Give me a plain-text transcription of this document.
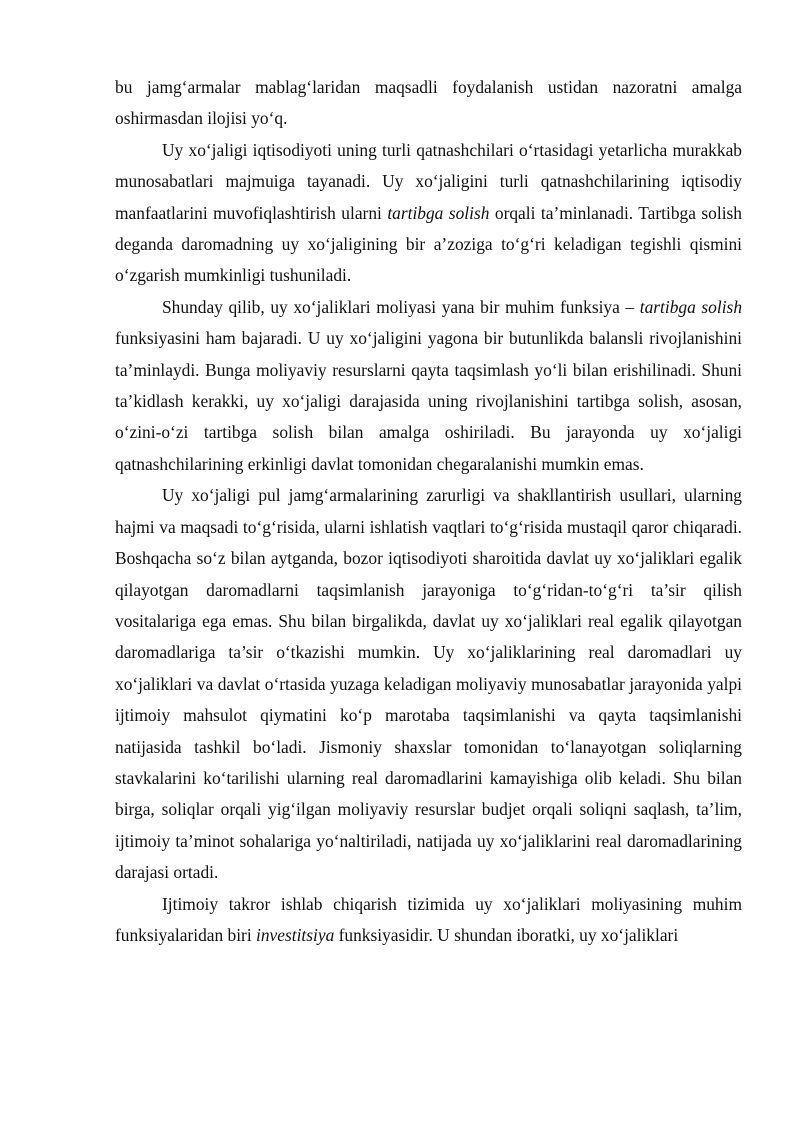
bu jamg‘armalar mablag‘laridan maqsadli foydalanish ustidan nazoratni amalga oshirmasdan ilojisi yo‘q.

Uy xo‘jaligi iqtisodiyoti uning turli qatnashchilari o‘rtasidagi yetarlicha murakkab munosabatlari majmuiga tayanadi. Uy xo‘jaligini turli qatnashchilarining iqtisodiy manfaatlarini muvofiqlashtirish ularni tartibga solish orqali ta’minlanadi. Tartibga solish deganda daromadning uy xo‘jaligining bir a’zoziga to‘g‘ri keladigan tegishli qismini o‘zgarish mumkinligi tushuniladi.

Shunday qilib, uy xo‘jaliklari moliyasi yana bir muhim funksiya – tartibga solish funksiyasini ham bajaradi. U uy xo‘jaligini yagona bir butunlikda balansli rivojlanishini ta’minlaydi. Bunga moliyaviy resurslarni qayta taqsimlash yo‘li bilan erishilinadi. Shuni ta’kidlash kerakki, uy xo‘jaligi darajasida uning rivojlanishini tartibga solish, asosan, o‘zini-o‘zi tartibga solish bilan amalga oshiriladi. Bu jarayonda uy xo‘jaligi qatnashchilarining erkinligi davlat tomonidan chegaralanishi mumkin emas.

Uy xo‘jaligi pul jamg‘armalarining zarurligi va shakllantirish usullari, ularning hajmi va maqsadi to‘g‘risida, ularni ishlatish vaqtlari to‘g‘risida mustaqil qaror chiqaradi. Boshqacha so‘z bilan aytganda, bozor iqtisodiyoti sharoitida davlat uy xo‘jaliklari egalik qilayotgan daromadlarni taqsimlanish jarayoniga to‘g‘ridan-to‘g‘ri ta’sir qilish vositalariga ega emas. Shu bilan birgalikda, davlat uy xo‘jaliklari real egalik qilayotgan daromadlariga ta’sir o‘tkazishi mumkin. Uy xo‘jaliklarining real daromadlari uy xo‘jaliklari va davlat o‘rtasida yuzaga keladigan moliyaviy munosabatlar jarayonida yalpi ijtimoiy mahsulot qiymatini ko‘p marotaba taqsimlanishi va qayta taqsimlanishi natijasida tashkil bo‘ladi. Jismoniy shaxslar tomonidan to‘lanayotgan soliqlarning stavkalarini ko‘tarilishi ularning real daromadlarini kamayishiga olib keladi. Shu bilan birga, soliqlar orqali yig‘ilgan moliyaviy resurslar budjet orqali soliqni saqlash, ta’lim, ijtimoiy ta’minot sohalariga yo‘naltiriladi, natijada uy xo‘jaliklarini real daromadlarining darajasi ortadi.

Ijtimoiy takror ishlab chiqarish tizimida uy xo‘jaliklari moliyasining muhim funksiyalaridan biri investitsiya funksiyasidir. U shundan iboratki, uy xo‘jaliklari
